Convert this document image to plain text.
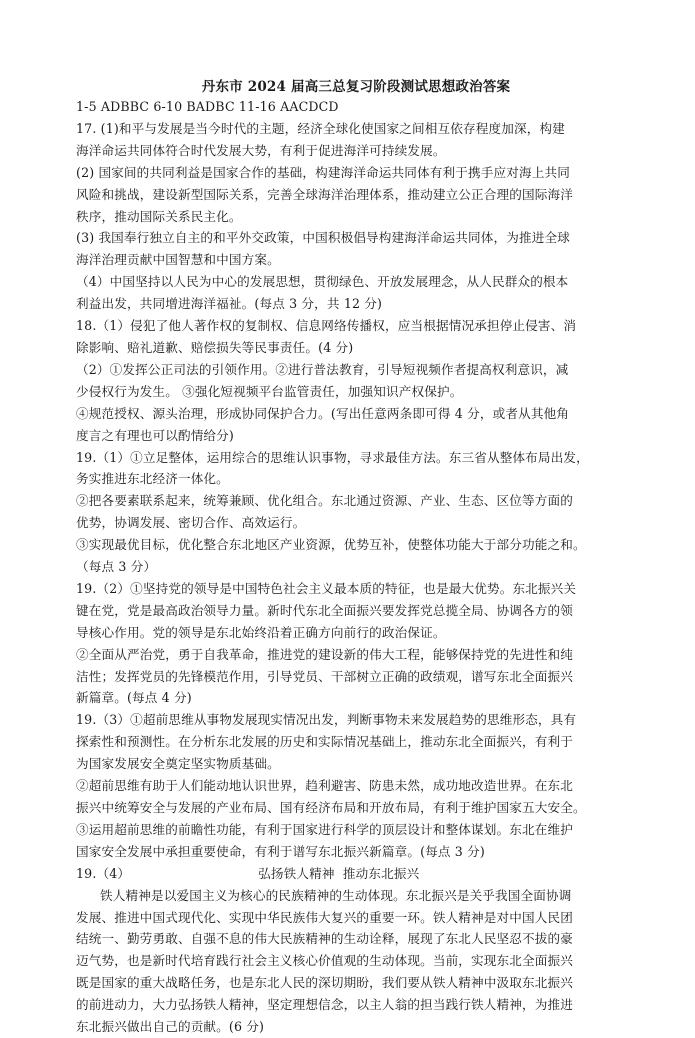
丹东市 2024 届高三总复习阶段测试思想政治答案
1-5 ADBBC 6-10 BADBC 11-16 AACDCD
17. (1)和平与发展是当今时代的主题，经济全球化使国家之间相互依存程度加深，构建
海洋命运共同体符合时代发展大势，有利于促进海洋可持续发展。
(2) 国家间的共同利益是国家合作的基础，构建海洋命运共同体有利于携手应对海上共同
风险和挑战，建设新型国际关系，完善全球海洋治理体系，推动建立公正合理的国际海洋
秩序，推动国际关系民主化。
(3) 我国奉行独立自主的和平外交政策，中国积极倡导构建海洋命运共同体，为推进全球
海洋治理贡献中国智慧和中国方案。
（4）中国坚持以人民为中心的发展思想，贯彻绿色、开放发展理念，从人民群众的根本
利益出发，共同增进海洋福祉。(每点 3 分，共 12 分)
18.（1）侵犯了他人著作权的复制权、信息网络传播权，应当根据情况承担停止侵害、消
除影响、赔礼道歉、赔偿损失等民事责任。(4 分)
（2）①发挥公正司法的引领作用。②进行普法教育，引导短视频作者提高权利意识，减
少侵权行为发生。 ③强化短视频平台监管责任，加强知识产权保护。
④规范授权、源头治理，形成协同保护合力。(写出任意两条即可得 4 分，或者从其他角
度言之有理也可以酌情给分)
19.（1）①立足整体，运用综合的思维认识事物，寻求最佳方法。东三省从整体布局出发，
务实推进东北经济一体化。
②把各要素联系起来，统筹兼顾、优化组合。东北通过资源、产业、生态、区位等方面的
优势，协调发展、密切合作、高效运行。
③实现最优目标，优化整合东北地区产业资源，优势互补，使整体功能大于部分功能之和。
（每点 3 分）
19.（2）①坚持党的领导是中国特色社会主义最本质的特征，也是最大优势。东北振兴关
键在党，党是最高政治领导力量。新时代东北全面振兴要发挥党总揽全局、协调各方的领
导核心作用。党的领导是东北始终沿着正确方向前行的政治保证。
②全面从严治党，勇于自我革命，推进党的建设新的伟大工程，能够保持党的先进性和纯
洁性；发挥党员的先锋模范作用，引导党员、干部树立正确的政绩观，谱写东北全面振兴
新篇章。(每点 4 分)
19.（3）①超前思维从事物发展现实情况出发，判断事物未来发展趋势的思维形态，具有
探索性和预测性。在分析东北发展的历史和实际情况基础上，推动东北全面振兴，有利于
为国家发展安全奠定坚实物质基础。
②超前思维有助于人们能动地认识世界，趋利避害、防患未然，成功地改造世界。在东北
振兴中统筹安全与发展的产业布局、国有经济布局和开放布局，有利于维护国家五大安全。
③运用超前思维的前瞻性功能，有利于国家进行科学的顶层设计和整体谋划。东北在维护
国家安全发展中承担重要使命，有利于谱写东北振兴新篇章。(每点 3 分)
19.（4）	弘扬铁人精神  推动东北振兴
铁人精神是以爱国主义为核心的民族精神的生动体现。东北振兴是关乎我国全面协调
发展、推进中国式现代化、实现中华民族伟大复兴的重要一环。铁人精神是对中国人民团
结统一、勤劳勇敢、自强不息的伟大民族精神的生动诠释，展现了东北人民坚忍不拔的豪
迈气势，也是新时代培育践行社会主义核心价值观的生动体现。当前，实现东北全面振兴
既是国家的重大战略任务，也是东北人民的深切期盼，我们要从铁人精神中汲取东北振兴
的前进动力，大力弘扬铁人精神，坚定理想信念，以主人翁的担当践行铁人精神，为推进
东北振兴做出自己的贡献。(6 分)
